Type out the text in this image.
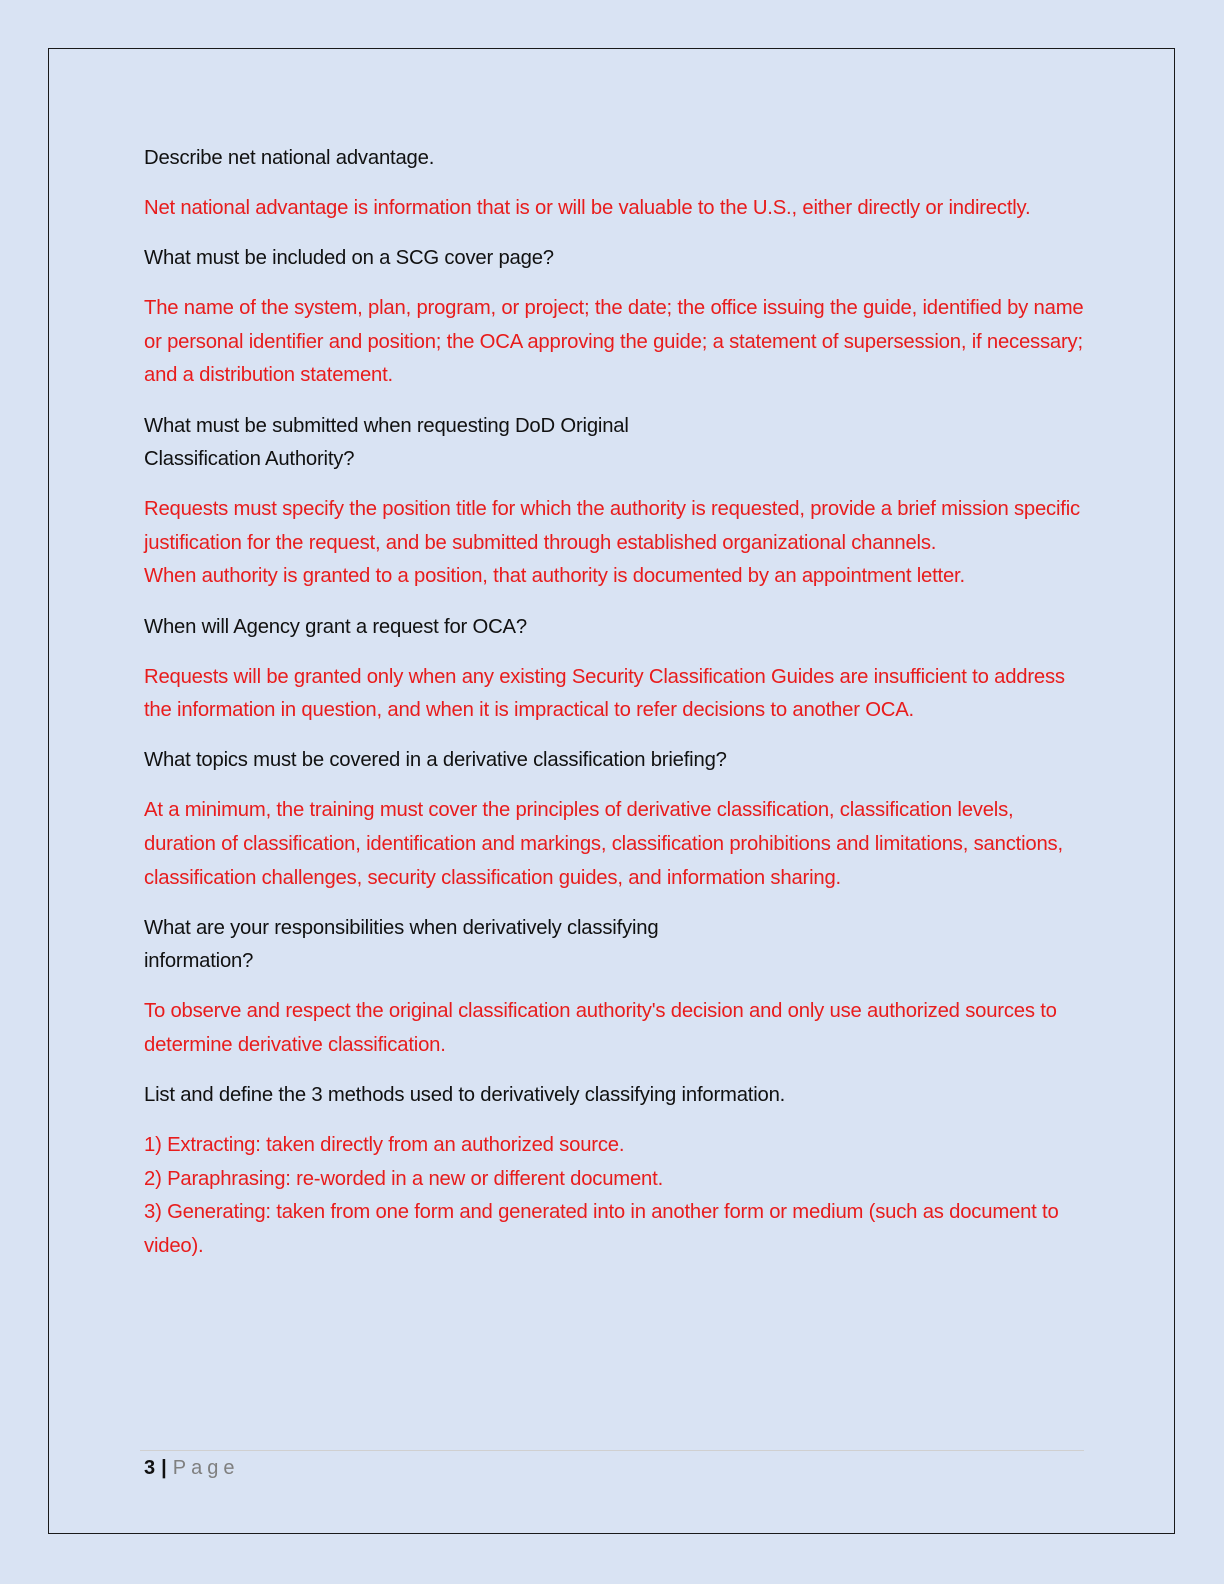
Describe net national advantage.

Net national advantage is information that is or will be valuable to the U.S., either directly or indirectly.

What must be included on a SCG cover page?

The name of the system, plan, program, or project; the date; the office issuing the guide, identified by name or personal identifier and position; the OCA approving the guide; a statement of supersession, if necessary; and a distribution statement.

What must be submitted when requesting DoD Original
Classification Authority?

Requests must specify the position title for which the authority is requested, provide a brief mission specific
justification for the request, and be submitted through established organizational channels.
When authority is granted to a position, that authority is documented by an appointment letter.

When will Agency grant a request for OCA?

Requests will be granted only when any existing Security Classification Guides are insufficient to address the information in question, and when it is impractical to refer decisions to another OCA.

What topics must be covered in a derivative classification briefing?

At a minimum, the training must cover the principles of derivative classification, classification levels, duration of classification, identification and markings, classification prohibitions and limitations, sanctions, classification challenges, security classification guides, and information sharing.

What are your responsibilities when derivatively classifying
information?

To observe and respect the original classification authority's decision and only use authorized sources to determine derivative classification.

List and define the 3 methods used to derivatively classifying information.

1) Extracting: taken directly from an authorized source.
2) Paraphrasing: re-worded in a new or different document.
3) Generating: taken from one form and generated into in another form or medium (such as document to video).

3 | Page
